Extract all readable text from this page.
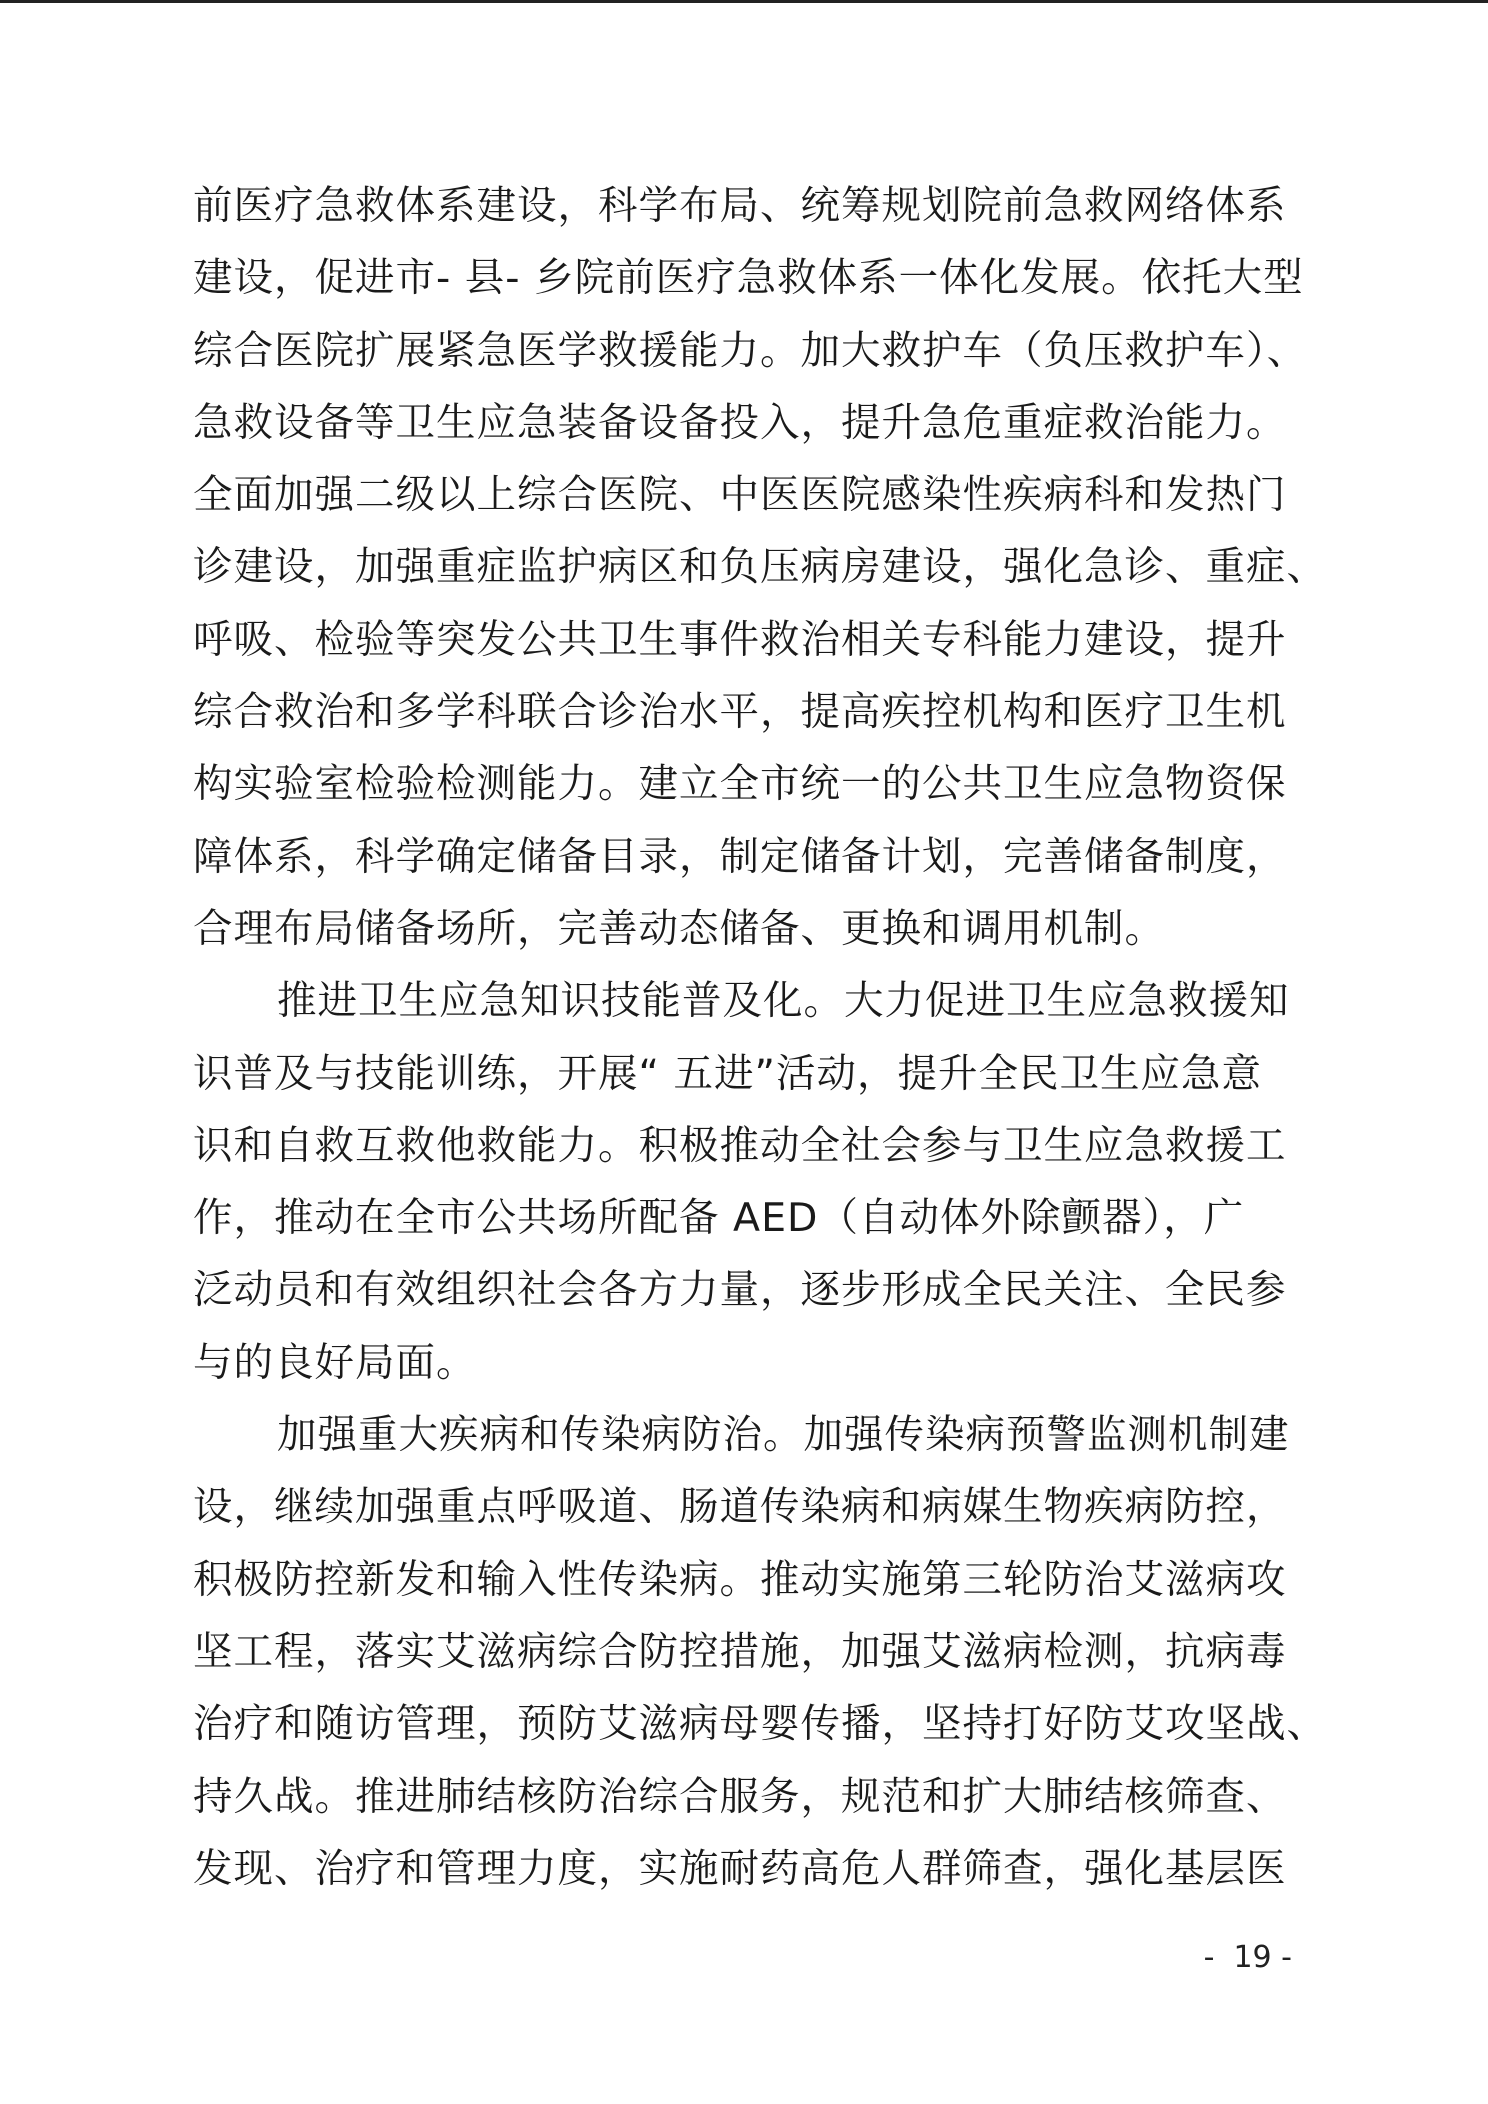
前医疗急救体系建设，科学布局、统筹规划院前急救网络体系
建设，促进市- 县- 乡院前医疗急救体系一体化发展。依托大型
综合医院扩展紧急医学救援能力。加大救护车（负压救护车）、
急救设备等卫生应急装备设备投入，提升急危重症救治能力。
全面加强二级以上综合医院、中医医院感染性疾病科和发热门
诊建设，加强重症监护病区和负压病房建设，强化急诊、重症、
呼吸、检验等突发公共卫生事件救治相关专科能力建设，提升
综合救治和多学科联合诊治水平，提高疾控机构和医疗卫生机
构实验室检验检测能力。建立全市统一的公共卫生应急物资保
障体系，科学确定储备目录，制定储备计划，完善储备制度，
合理布局储备场所，完善动态储备、更换和调用机制。
推进卫生应急知识技能普及化。大力促进卫生应急救援知
识普及与技能训练，开展“ 五进”活动，提升全民卫生应急意
识和自救互救他救能力。积极推动全社会参与卫生应急救援工
作，推动在全市公共场所配备 AED（自动体外除颤器），广
泛动员和有效组织社会各方力量，逐步形成全民关注、全民参
与的良好局面。
加强重大疾病和传染病防治。加强传染病预警监测机制建
设，继续加强重点呼吸道、肠道传染病和病媒生物疾病防控，
积极防控新发和输入性传染病。推动实施第三轮防治艾滋病攻
坚工程，落实艾滋病综合防控措施，加强艾滋病检测，抗病毒
治疗和随访管理，预防艾滋病母婴传播，坚持打好防艾攻坚战、
持久战。推进肺结核防治综合服务，规范和扩大肺结核筛查、
发现、治疗和管理力度，实施耐药高危人群筛查，强化基层医
-  19 -
